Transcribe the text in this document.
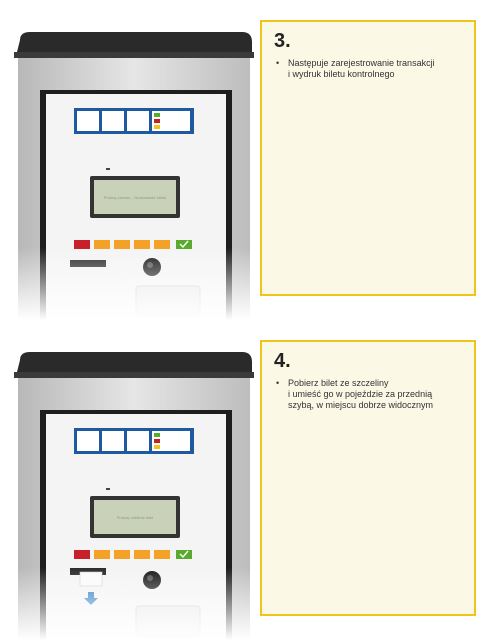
3.
• Następuje zarejestrowanie transakcji
i wydruk biletu kontrolnego
4.
• Pobierz bilet ze szczeliny
i umieść go w pojeździe za przednią
szybą, w miejscu dobrze widocznym
